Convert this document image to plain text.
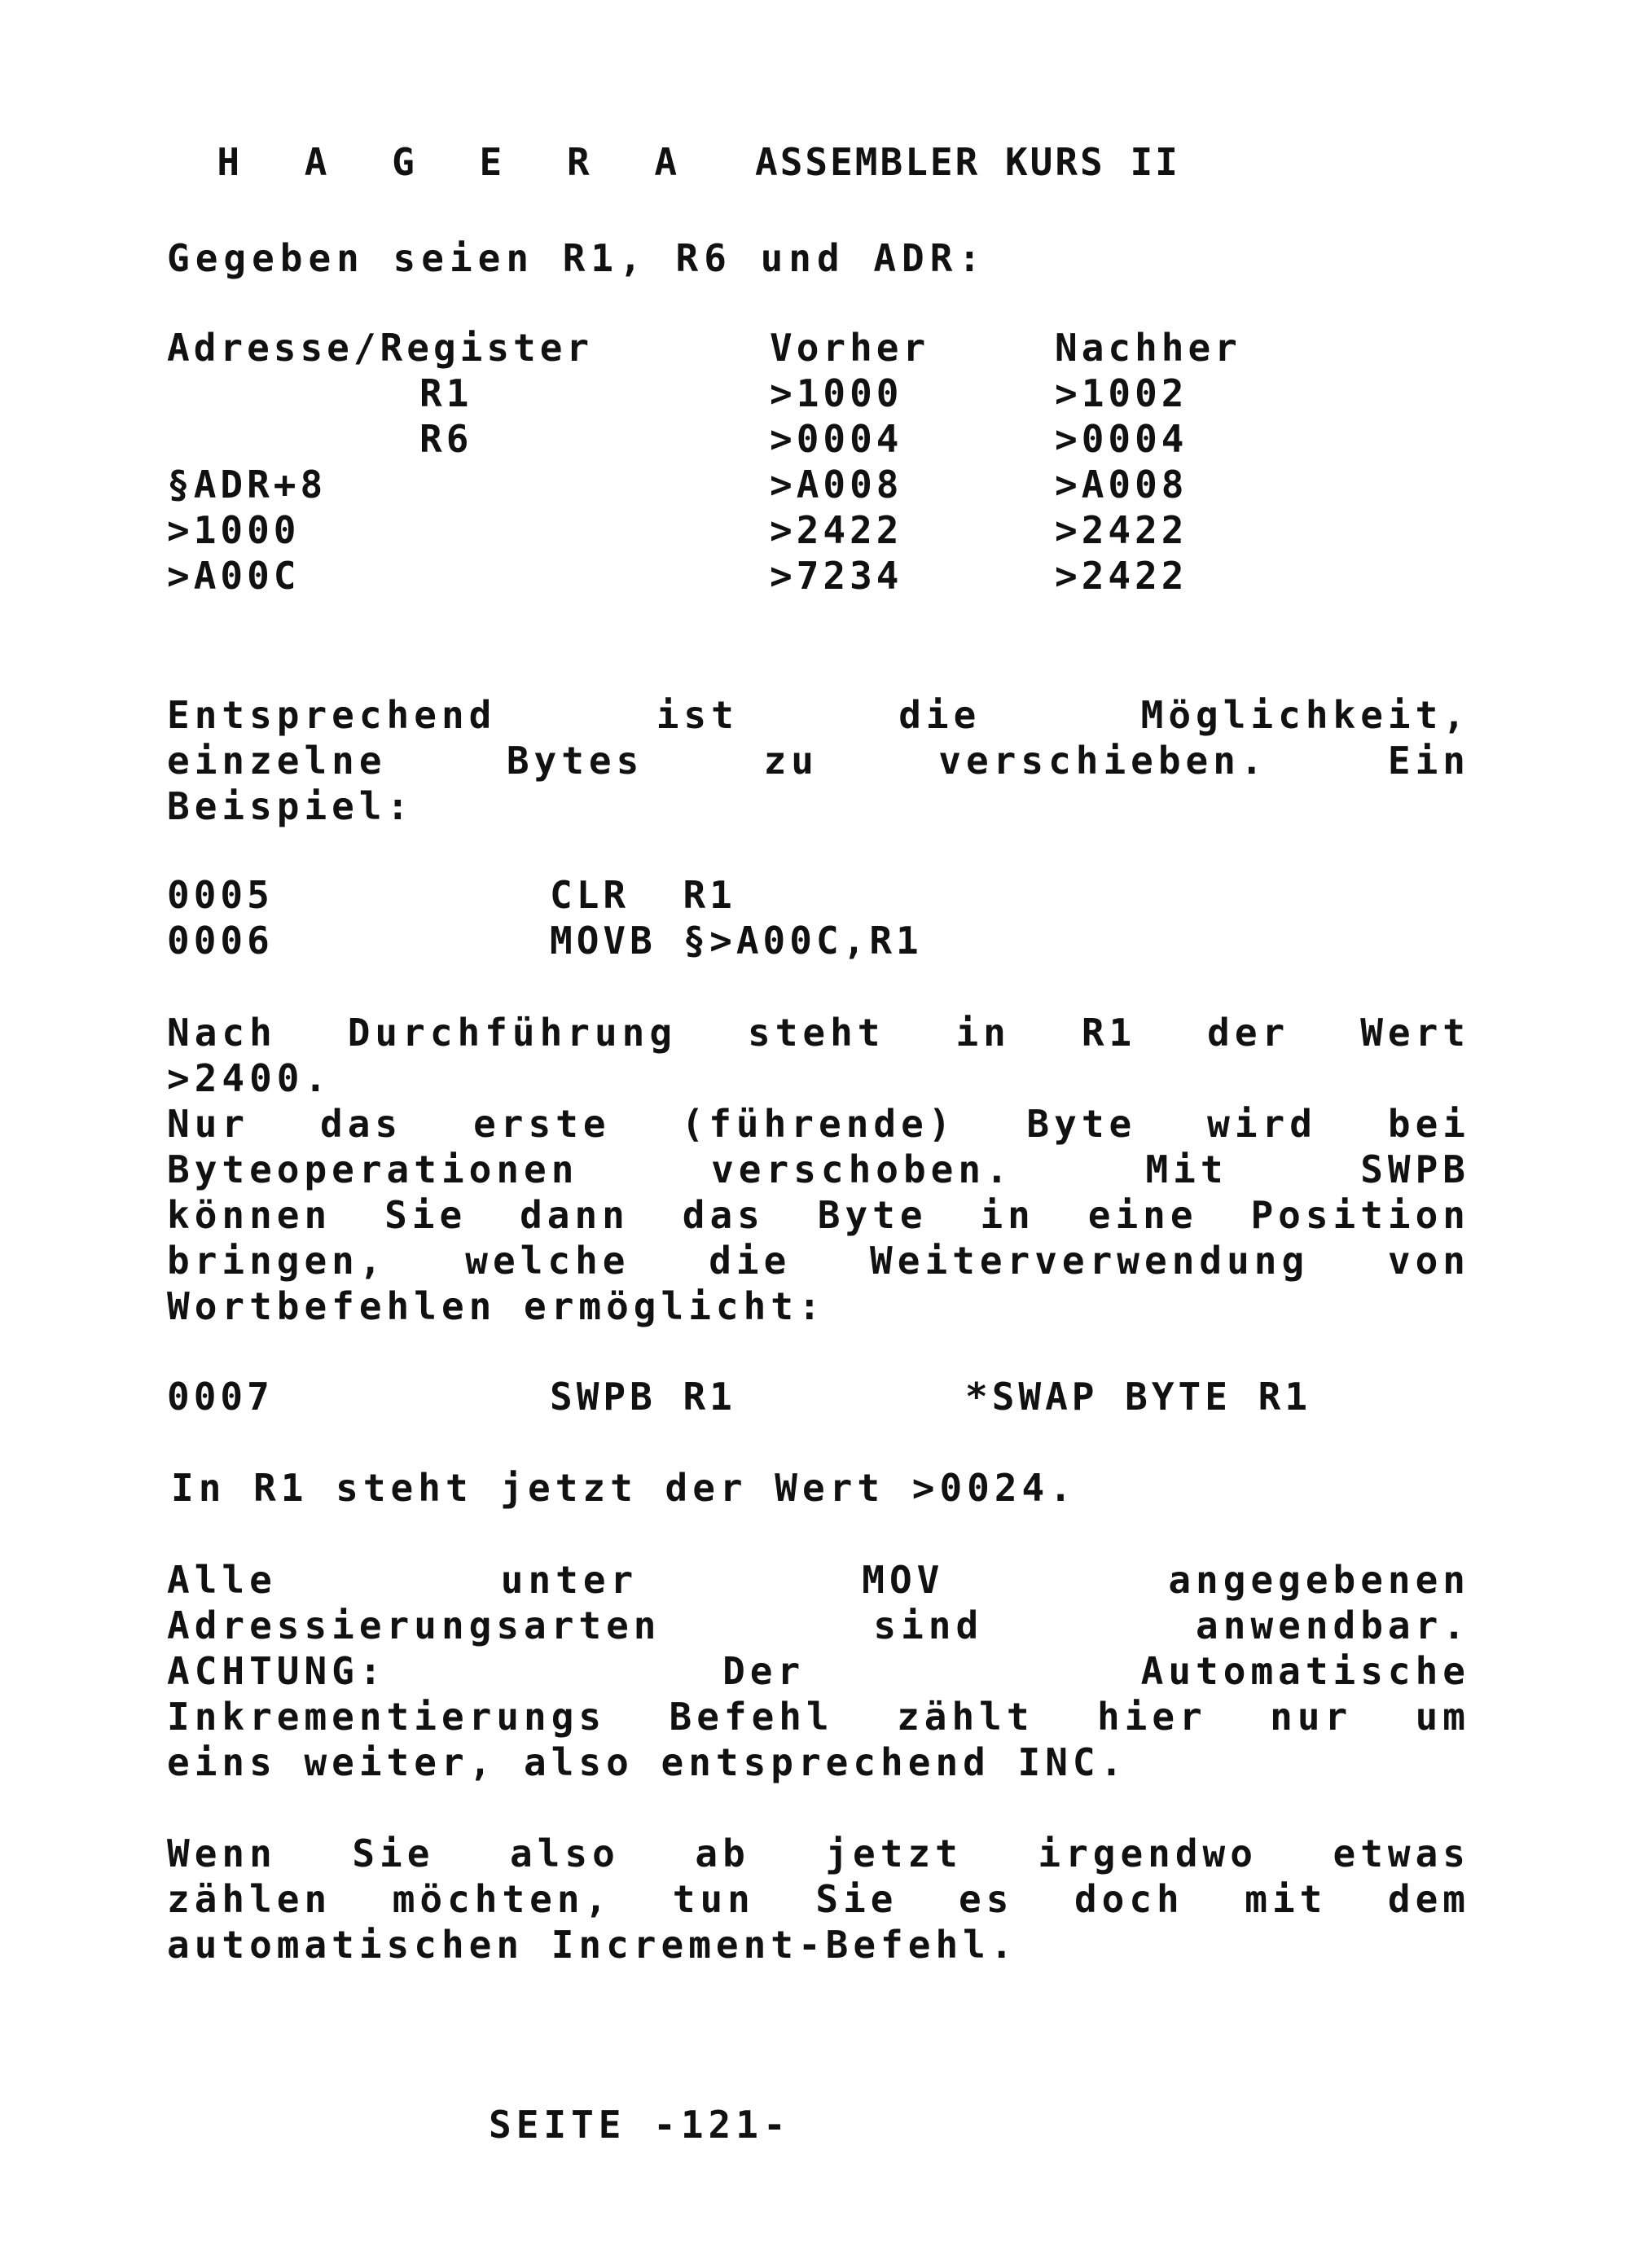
H A G E R A ASSEMBLER KURS II

Gegeben seien R1, R6 und ADR:
Adresse/Register	Vorher	Nachher
R1	>1000	>1002
R6	>0004	>0004
§ADR+8	>A008	>A008
>1000	>2422	>2422
>A00C	>7234	>2422
Entsprechend ist die Möglichkeit,
einzelne Bytes zu verschieben. Ein
Beispiel:
0005	CLR  R1
0006	MOVB §>A00C,R1
Nach Durchführung steht in R1 der Wert
>2400.
Nur das erste (führende) Byte wird bei
Byteoperationen verschoben. Mit SWPB
können Sie dann das Byte in eine Position
bringen, welche die Weiterverwendung von
Wortbefehlen ermöglicht:
0007	SWPB R1	*SWAP BYTE R1
In R1 steht jetzt der Wert >0024.
Alle unter MOV angegebenen
Adressierungsarten sind anwendbar.
ACHTUNG: Der Automatische
Inkrementierungs Befehl zählt hier nur um
eins weiter, also entsprechend INC.
Wenn Sie also ab jetzt irgendwo etwas
zählen möchten, tun Sie es doch mit dem
automatischen Increment-Befehl.
SEITE -121-
